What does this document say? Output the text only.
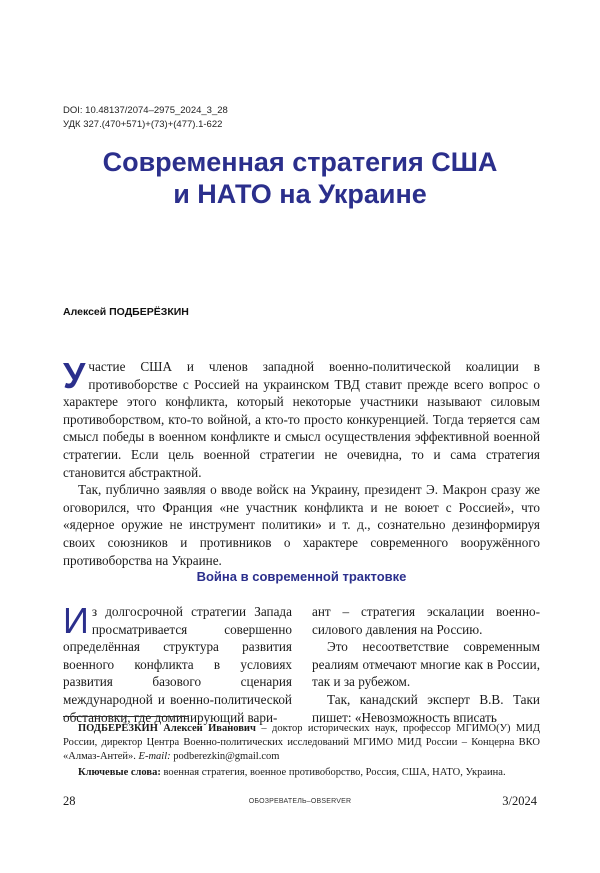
DOI: 10.48137/2074–2975_2024_3_28
УДК 327.(470+571)+(73)+(477).1-622
Современная стратегия США
и НАТО на Украине
Алексей ПОДБЕРЁЗКИН

Участие США и членов западной военно-политической коалиции в противоборстве с Россией на украинском ТВД ставит прежде всего вопрос о характере этого конфликта, который некоторые участники называют силовым противоборством, кто-то войной, а кто-то просто конкуренцией. Тогда теряется сам смысл победы в военном конфликте и смысл осуществления эффективной военной стратегии. Если цель военной стратегии не очевидна, то и сама стратегия становится абстрактной.

Так, публично заявляя о вводе войск на Украину, президент Э. Макрон сразу же оговорился, что Франция «не участник конфликта и не воюет с Россией», что «ядерное оружие не инструмент политики» и т. д., сознательно дезинформируя своих союзников и противников о характере современного вооружённого противоборства на Украине.

Война в современной трактовке

Из долгосрочной стратегии Запада просматривается совершенно определённая структура развития военного конфликта в условиях развития базового сценария международной и военно-политической обстановки, где доминирующий вари-

ант – стратегия эскалации военно-силового давления на Россию.

Это несоответствие современным реалиям отмечают многие как в России, так и за рубежом.

Так, канадский эксперт В.В. Таки пишет: «Невозможность вписать

ПОДБЕРЁЗКИН Алексей Иванович – доктор исторических наук, профессор МГИМО(У) МИД России, директор Центра Военно-политических исследований МГИМО МИД России – Концерна ВКО «Алмаз-Антей». E-mail: podberezkin@gmail.com

Ключевые слова: военная стратегия, военное противоборство, Россия, США, НАТО, Украина.

28	ОБОЗРЕВАТЕЛЬ–OBSERVER	3/2024
